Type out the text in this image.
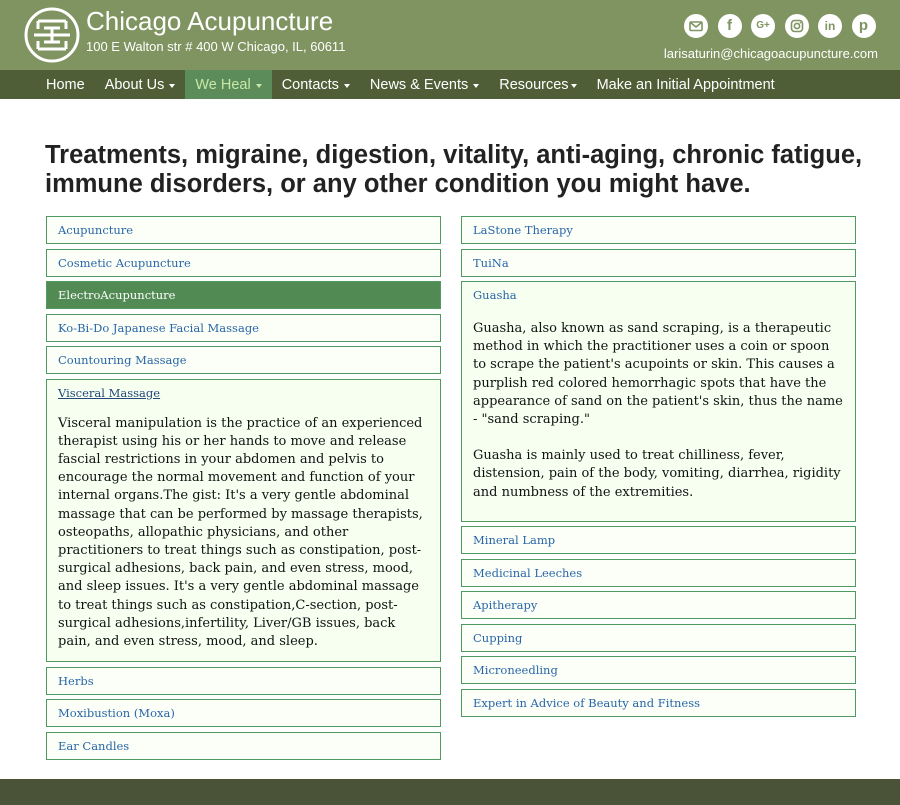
Chicago Acupuncture
100 E Walton str # 400 W Chicago, IL, 60611
f	G+	in	p
larisaturin@chicagoacupuncture.com
Home About Us We Heal Contacts News & Events Resources Make an Initial Appointment
Treatments, migraine, digestion, vitality, anti-aging, chronic fatigue, immune disorders, or any other condition you might have.
Acupuncture
Cosmetic Acupuncture
ElectroAcupuncture
Ko-Bi-Do Japanese Facial Massage
Countouring Massage
Visceral Massage

Visceral manipulation is the practice of an experienced therapist using his or her hands to move and release fascial restrictions in your abdomen and pelvis to encourage the normal movement and function of your internal organs.The gist: It's a very gentle abdominal massage that can be performed by massage therapists, osteopaths, allopathic physicians, and other practitioners to treat things such as constipation, post-surgical adhesions, back pain, and even stress, mood, and sleep issues. It's a very gentle abdominal massage to treat things such as constipation,C-section, post-surgical adhesions,infertility, Liver/GB issues, back pain, and even stress, mood, and sleep.

Herbs
Moxibustion (Moxa)
Ear Candles
LaStone Therapy
TuiNa
Guasha

Guasha, also known as sand scraping, is a therapeutic method in which the practitioner uses a coin or spoon to scrape the patient's acupoints or skin. This causes a purplish red colored hemorrhagic spots that have the appearance of sand on the patient's skin, thus the name - "sand scraping."

Guasha is mainly used to treat chilliness, fever, distension, pain of the body, vomiting, diarrhea, rigidity and numbness of the extremities.

Mineral Lamp
Medicinal Leeches
Apitherapy
Cupping
Microneedling
Expert in Advice of Beauty and Fitness
